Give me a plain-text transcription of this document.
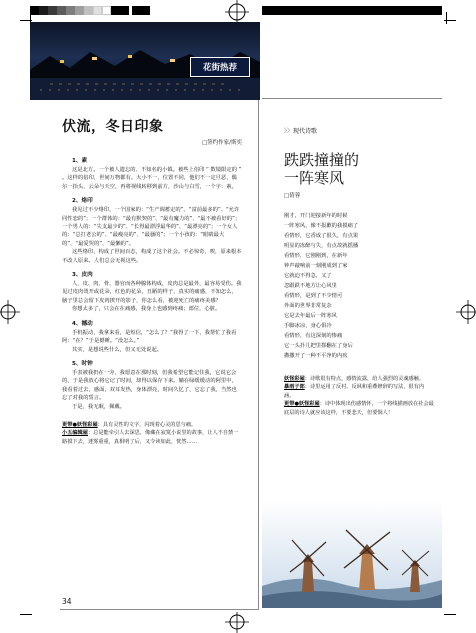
花街热荐
伏流，冬日印象
□签约作家/斯奕
1、素

这是北方。一个被人遗忘的、不知名的小镇。被些上俗印 “ 数镜限定的 ” 。这样的俗印，世间万物都有。大小不一，位置不同，他们不一定旦恶，偶尔一抬头，云朵与天空，再将视线转移到前方，沙山与白雪，一个字：素。

2、烙印

我见过不少烙印，一个国家的：“生产调蓄定的”、“富前最多的”、“允许同性恋的”；一个群体的：“最有默契的”、“最有魔力的”、“最不被看好的”；一个男人的：“失支最少的”、“长得最漂浮最华的”、“最漂亮的”；一个女人的：“总打老公的”、“最瘦亮的”、“最骚的”；一个小孩的：“眼睛最大的”、“最爱哭的”、“最懒的”。

这些烙印，构成了世间百态，构成了这个社会。不必惊奇，唉，原来根本不改人原来。人们总会无视这些。

3、皮肉

人，皮、肉、骨、器官而各种腺体构成，皮肉总是最外，最容易受伤。我见过皮肉烫开或花朵，红色的花朵，丑陋的样子，真实的痛感，不知怎么，脑子里总会留下皮肉挨开的影子，你怎么看，被迎死亡的痛疼美感？

你想太多了，只会在在痛感，我身上也感到疼痛；部位，心脏。

4、撼动

手机振动，我拿来看，是短信，“怎么了？”我得了一下，我帮忙了我看阿：“在？”于是撼睡。“没怎么。”

其实，是想说些什么，但又无处说起。

5、时钟

手表被我扔在一旁，我愿意在那时刻，但我希望它能记住我，它说它会的，于是我放心将它记了时间，却得以保存下来。躺在绿缓缓动的阿里中，我看着过去，感面，双耳发热，身体漂亮，时间久忆了，它忘了我，当然也忘了对我的誓言。

于是，我无眠，佩戴。

更带●妖怪彩屋：具有灵性的文字，闪现着心灵的思与痛。

小五编辑屋：总是能牵引人去深思，像藏在寂寞小说里的故事，让人不自禁一路摸下去，迷雾重重，真相明了后，又令读如此，恍然……

34
〉〉现代诗歌
跌跌撞撞的
一阵寒风
□倩蓉
刚才，开门迎接新年的时候
一阵寒风，像不报歉的我摸痛了
看情形，它香成了很久，有点果
明显的冻醉与失，有点故就摇播
看情形，它刚刚到，在新年
钟声敲响前一刻刚成到了家
它就迫不得急，又了
忽跟跌不地方让心风里
看情形，是到了不少情可
外面的世界非常复杂
它是去年最后一阵寒风
手脚冰凉，身心俱冷
看情形，有这深刻的惨痛
它一头扑儿把里搽翻在了身后
撒撒开了一种不平净的内疚

妖怪彩屋：诗歌很有特点，感情流露，给人强烈的灵魂感触。

暴雨子郎：诗里运用了反衬、反讽和重叠修辞的写法，很有内涵。

更带●妖怪彩屋：诗中体现出伤感情怀，一个将线描画放在社会最底层的诗人就应该这样，不要悲天，但要悯人！
